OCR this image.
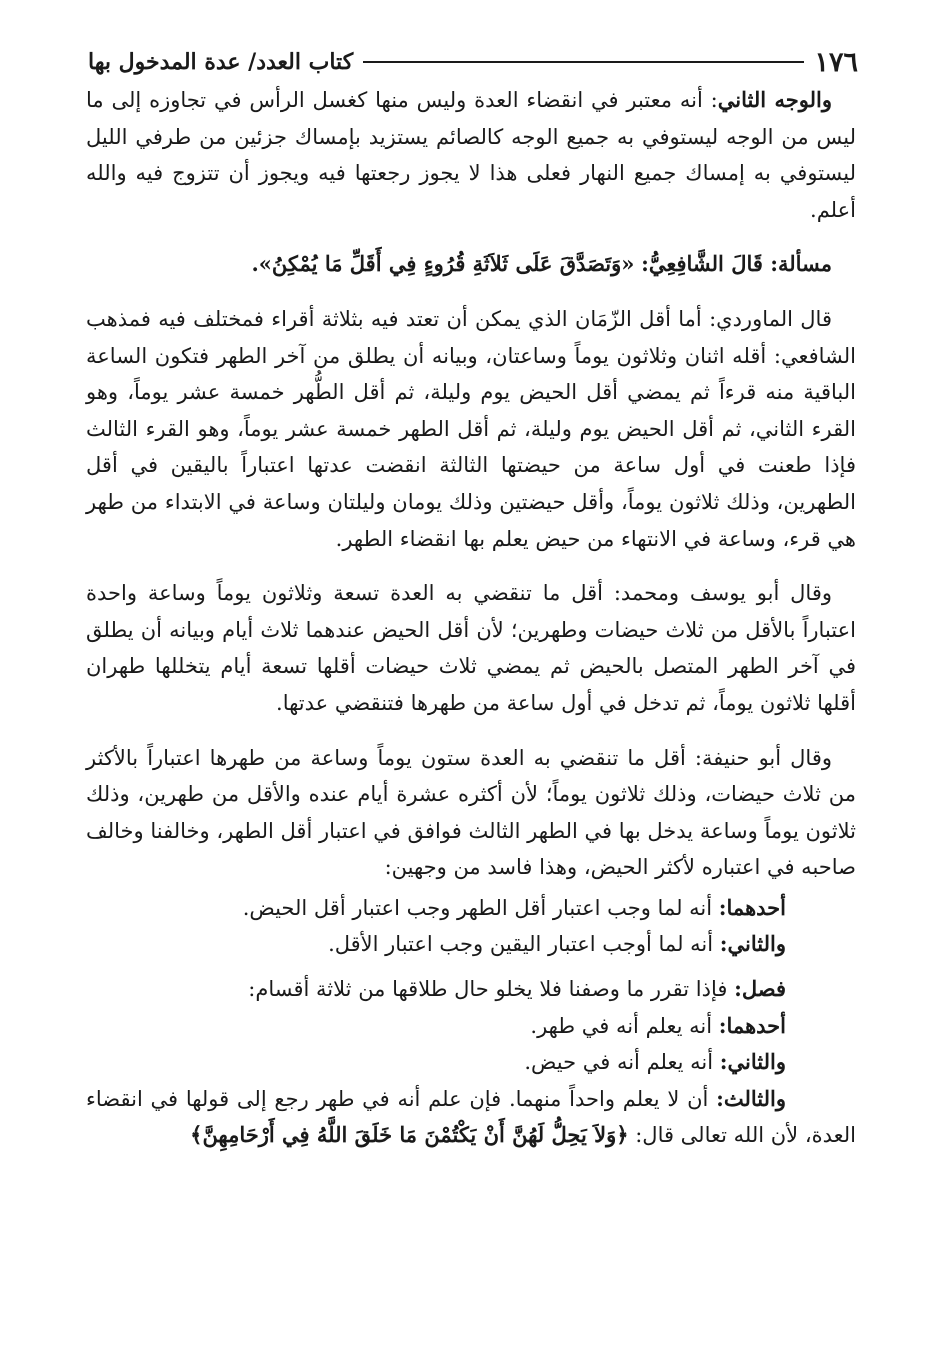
١٧٦
كتاب العدد/ عدة المدخول بها

والوجه الثاني: أنه معتبر في انقضاء العدة وليس منها كغسل الرأس في تجاوزه إلى ما ليس من الوجه ليستوفي به جميع الوجه كالصائم يستزيد بإمساك جزئين من طرفي الليل ليستوفي به إمساك جميع النهار فعلى هذا لا يجوز رجعتها فيه ويجوز أن تتزوج فيه والله أعلم.

مسألة: قَالَ الشَّافِعِيُّ: «وَتَصَدَّقَ عَلَى ثَلاَثَةِ قُرُوءٍ فِي أَقَلِّ مَا يُمْكِنُ».

قال الماوردي: أما أقل الزّمَان الذي يمكن أن تعتد فيه بثلاثة أقراء فمختلف فيه فمذهب الشافعي: أقله اثنان وثلاثون يوماً وساعتان، وبيانه أن يطلق من آخر الطهر فتكون الساعة الباقية منه قرءاً ثم يمضي أقل الحيض يوم وليلة، ثم أقل الطُّهر خمسة عشر يوماً، وهو القرء الثاني، ثم أقل الحيض يوم وليلة، ثم أقل الطهر خمسة عشر يوماً، وهو القرء الثالث فإذا طعنت في أول ساعة من حيضتها الثالثة انقضت عدتها اعتباراً باليقين في أقل الطهرين، وذلك ثلاثون يوماً، وأقل حيضتين وذلك يومان وليلتان وساعة في الابتداء من طهر هي قرء، وساعة في الانتهاء من حيض يعلم بها انقضاء الطهر.

وقال أبو يوسف ومحمد: أقل ما تنقضي به العدة تسعة وثلاثون يوماً وساعة واحدة اعتباراً بالأقل من ثلاث حيضات وطهرين؛ لأن أقل الحيض عندهما ثلاث أيام وبيانه أن يطلق في آخر الطهر المتصل بالحيض ثم يمضي ثلاث حيضات أقلها تسعة أيام يتخللها طهران أقلها ثلاثون يوماً، ثم تدخل في أول ساعة من طهرها فتنقضي عدتها.

وقال أبو حنيفة: أقل ما تنقضي به العدة ستون يوماً وساعة من طهرها اعتباراً بالأكثر من ثلاث حيضات، وذلك ثلاثون يوماً؛ لأن أكثره عشرة أيام عنده والأقل من طهرين، وذلك ثلاثون يوماً وساعة يدخل بها في الطهر الثالث فوافق في اعتبار أقل الطهر، وخالفنا وخالف صاحبه في اعتباره لأكثر الحيض، وهذا فاسد من وجهين:

أحدهما: أنه لما وجب اعتبار أقل الطهر وجب اعتبار أقل الحيض.

والثاني: أنه لما أوجب اعتبار اليقين وجب اعتبار الأقل.

فصل: فإذا تقرر ما وصفنا فلا يخلو حال طلاقها من ثلاثة أقسام:

أحدهما: أنه يعلم أنه في طهر.

والثاني: أنه يعلم أنه في حيض.

والثالث: أن لا يعلم واحداً منهما. فإن علم أنه في طهر رجع إلى قولها في انقضاء العدة، لأن الله تعالى قال: ﴿وَلاَ يَحِلُّ لَهُنَّ أَنْ يَكْتُمْنَ مَا خَلَقَ اللَّهُ فِي أَرْحَامِهِنَّ﴾
